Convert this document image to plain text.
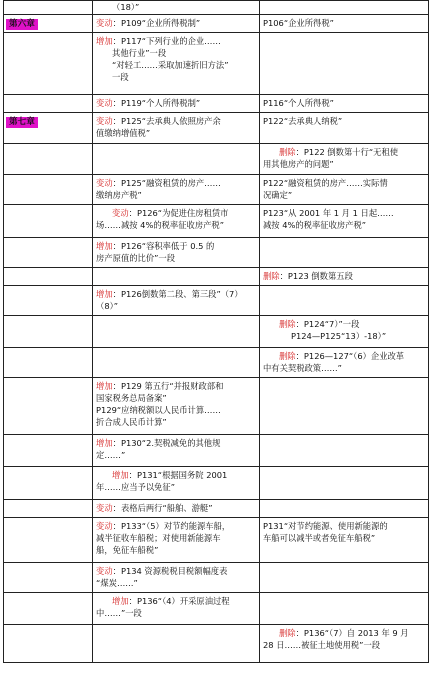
	（18）”	
第六章	变动：P109“企业所得税制”	P106“企业所得税”
	增加：P117“下列行业的企业……
其他行业”一段
“对轻工……采取加速折旧方法”
一段	

	变动：P119“个人所得税制”	P116“个人所得税”
第七章	变动：P125“去承典人依照房产余
值缴纳增值税”	P122“去承典人纳税”
		删除：P122 倒数第十行“无租使
用其他房产的问题”

	变动：P125“融资租赁的房产……
缴纳房产税”	P122“融资租赁的房产……实际情
况确定”

	变动：P126“为促进住房租赁市
场……减按 4%的税率征收房产税”	P123“从 2001 年 1 月 1 日起……
减按 4%的税率征收房产税”

	增加：P126“容积率低于 0.5 的
房产原值的比价”一段	

		删除：P123 倒数第五段
	增加：P126倒数第二段、第三段”（7）
（8）”	

		删除：P124“7）”一段
P124—P125“13）-18）”

		删除：P126—127“（6）企业改革
中有关契税政策……”

	增加：P129 第五行“并报财政部和
国家税务总局备案”
P129“应纳税额以人民币计算……
折合成人民币计算”	

	增加：P130“2.契税减免的其他规
定……”	

	增加：P131“根据国务院 2001
年……应当予以免征”	

	变动：表格后两行“船舶、游艇”	
	变动：P133“（5）对节约能源车船，
减半征收车船税；对使用新能源车
船，免征车船税”	P131“对节约能源、使用新能源的
车船可以减半或者免征车船税”

	变动：P134 资源税税目税额幅度表
“煤炭……”	

	增加：P136“（4）开采原油过程
中……”一段	

		删除：P136“（7）自 2013 年 9 月
28 日……被征土地使用税”一段
